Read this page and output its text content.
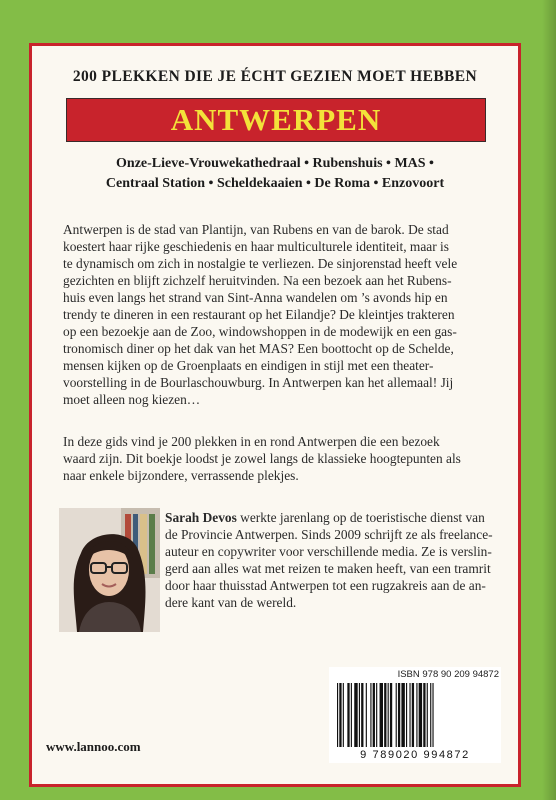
200 PLEKKEN DIE JE ÉCHT GEZIEN MOET HEBBEN
ANTWERPEN
Onze-Lieve-Vrouwekathedraal • Rubenshuis • MAS •
Centraal Station • Scheldekaaien • De Roma • Enzovoort
Antwerpen is de stad van Plantijn, van Rubens en van de barok. De stad
koestert haar rijke geschiedenis en haar multiculturele identiteit, maar is
te dynamisch om zich in nostalgie te verliezen. De sinjorenstad heeft vele
gezichten en blijft zichzelf heruitvinden. Na een bezoek aan het Rubens-
huis even langs het strand van Sint-Anna wandelen om ’s avonds hip en
trendy te dineren in een restaurant op het Eilandje? De kleintjes trakteren
op een bezoekje aan de Zoo, windowshoppen in de modewijk en een gas-
tronomisch diner op het dak van het MAS? Een boottocht op de Schelde,
mensen kijken op de Groenplaats en eindigen in stijl met een theater-
voorstelling in de Bourlaschouwburg. In Antwerpen kan het allemaal! Jij
moet alleen nog kiezen…
In deze gids vind je 200 plekken in en rond Antwerpen die een bezoek
waard zijn. Dit boekje loodst je zowel langs de klassieke hoogtepunten als
naar enkele bijzondere, verrassende plekjes.
Sarah Devos werkte jarenlang op de toeristische dienst van
de Provincie Antwerpen. Sinds 2009 schrijft ze als freelance-
auteur en copywriter voor verschillende media. Ze is verslin-
gerd aan alles wat met reizen te maken heeft, van een tramrit
door haar thuisstad Antwerpen tot een rugzakreis aan de an-
dere kant van de wereld.
ISBN 978 90 209 94872
9 789020 994872
www.lannoo.com
